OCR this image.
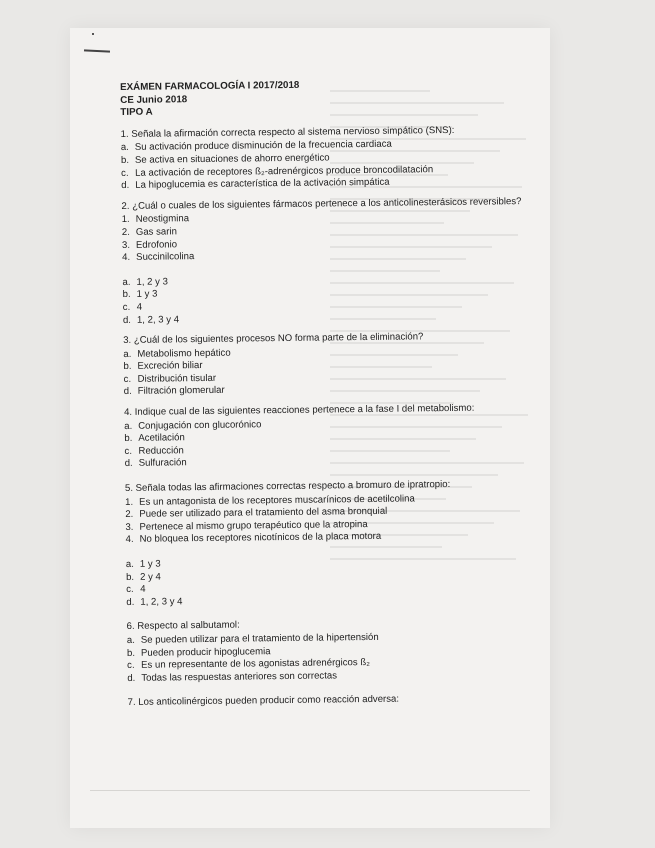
EXÁMEN FARMACOLOGÍA I 2017/2018
CE Junio 2018
TIPO A
1. Señala la afirmación correcta respecto al sistema nervioso simpático (SNS):
a. Su activación produce disminución de la frecuencia cardiaca
b. Se activa en situaciones de ahorro energético
c. La activación de receptores ß₂-adrenérgicos produce broncodilatación
d. La hipoglucemia es característica de la activación simpática
2. ¿Cuál o cuales de los siguientes fármacos pertenece a los anticolinesterásicos reversibles?
1. Neostigmina
2. Gas sarin
3. Edrofonio
4. Succinilcolina
a. 1, 2 y 3
b. 1 y 3
c. 4
d. 1, 2, 3 y 4
3. ¿Cuál de los siguientes procesos NO forma parte de la eliminación?
a. Metabolismo hepático
b. Excreción biliar
c. Distribución tisular
d. Filtración glomerular
4. Indique cual de las siguientes reacciones pertenece a la fase I del metabolismo:
a. Conjugación con glucorónico
b. Acetilación
c. Reducción
d. Sulfuración
5. Señala todas las afirmaciones correctas respecto a bromuro de ipratropio:
1. Es un antagonista de los receptores muscarínicos de acetilcolina
2. Puede ser utilizado para el tratamiento del asma bronquial
3. Pertenece al mismo grupo terapéutico que la atropina
4. No bloquea los receptores nicotínicos de la placa motora
a. 1 y 3
b. 2 y 4
c. 4
d. 1, 2, 3 y 4
6. Respecto al salbutamol:
a. Se pueden utilizar para el tratamiento de la hipertensión
b. Pueden producir hipoglucemia
c. Es un representante de los agonistas adrenérgicos ß₂
d. Todas las respuestas anteriores son correctas
7. Los anticolinérgicos pueden producir como reacción adversa:
